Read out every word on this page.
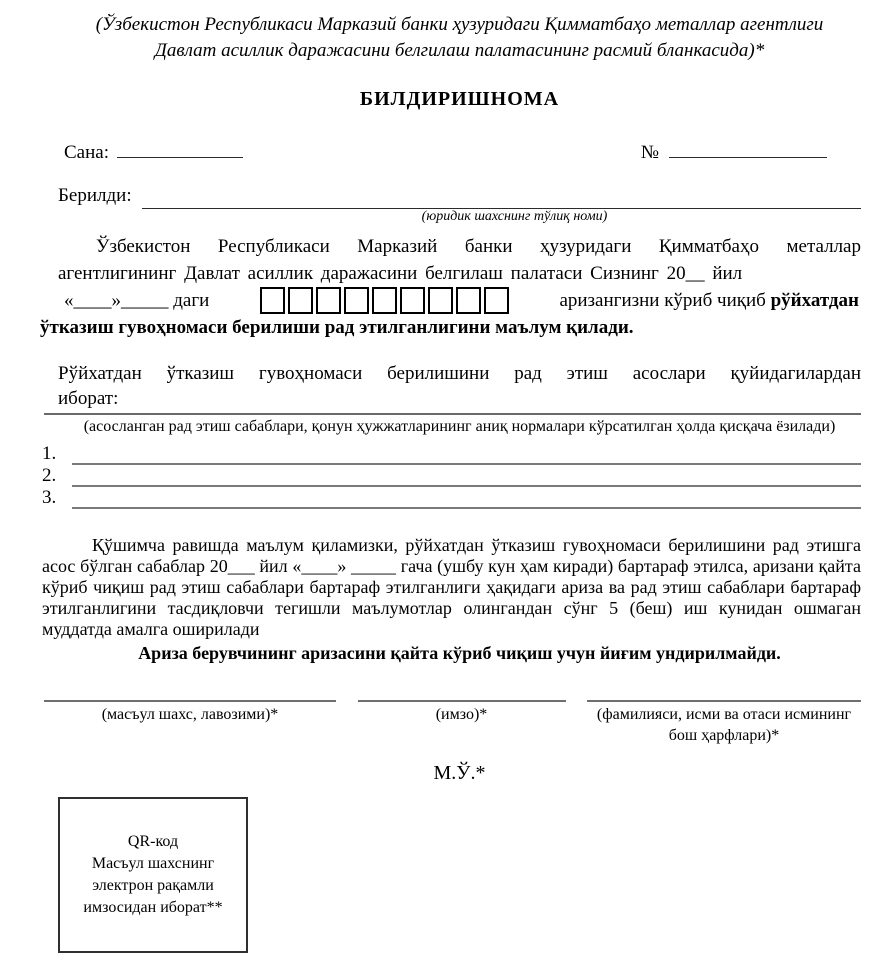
(Ўзбекистон Республикаси Марказий банки ҳузуридаги Қимматбаҳо металлар агентлиги
Давлат асиллик даражасини белгилаш палатасининг расмий бланкасида)*
БИЛДИРИШНОМА
Сана:	№
Берилди:
(юридик шахснинг тўлиқ номи)
Ўзбекистон Республикаси Марказий банки ҳузуридаги Қимматбаҳо металлар
агентлигининг Давлат асиллик даражасини белгилаш палатаси Сизнинг 20__ йил
«____»_____ даги	аризангизни кўриб чиқиб рўйхатдан
ўтказиш гувоҳномаси берилиши рад этилганлигини маълум қилади.
Рўйхатдан ўтказиш гувоҳномаси берилишини рад этиш асослари қуйидагилардан
иборат:
(асосланган рад этиш сабаблари, қонун ҳужжатларининг аниқ нормалари кўрсатилган ҳолда қисқача ёзилади)
1.
2.
3.
Қўшимча равишда маълум қиламизки, рўйхатдан ўтказиш гувоҳномаси берилишини рад этишга асос бўлган сабаблар 20___ йил «____» _____ гача (ушбу кун ҳам киради) бартараф этилса, аризани қайта кўриб чиқиш рад этиш сабаблари бартараф этилганлиги ҳақидаги ариза ва рад этиш сабаблари бартараф этилганлигини тасдиқловчи тегишли маълумотлар олингандан сўнг 5 (беш) иш кунидан ошмаган муддатда амалга оширилади
Ариза берувчининг аризасини қайта кўриб чиқиш учун йиғим ундирилмайди.
(масъул шахс, лавозими)*	(имзо)*	(фамилияси, исми ва отаси исмининг бош ҳарфлари)*
М.Ў.*
QR-код
Масъул шахснинг
электрон рақамли
имзосидан иборат**
